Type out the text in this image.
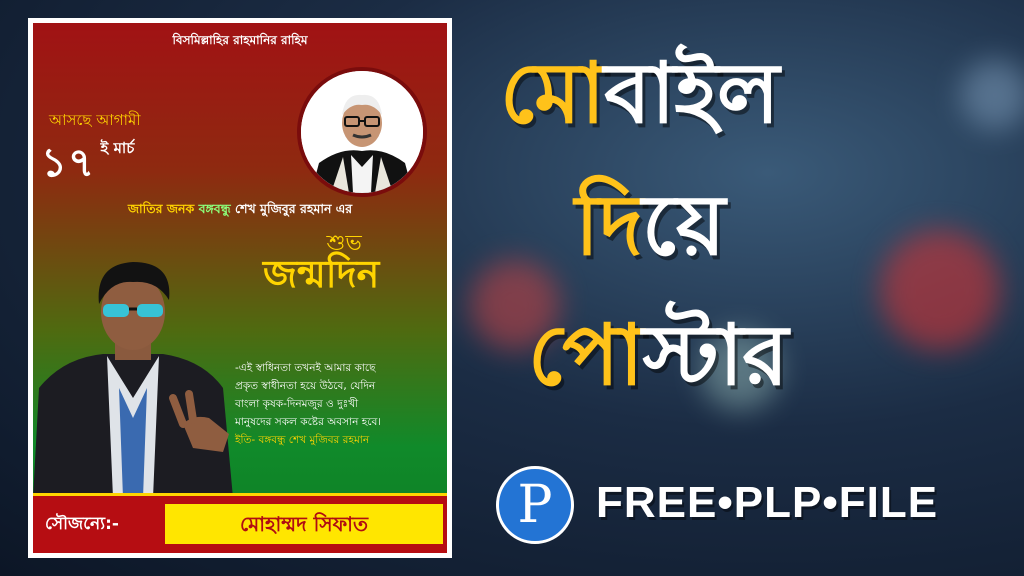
বিসমিল্লাহির রাহমানির রাহিম
আসছে আগামী
১৭ ই মার্চ
জাতির জনক বঙ্গবন্ধু শেখ মুজিবুর রহমান এর
শুভ
জন্মদিন
-এই স্বাধিনতা তখনই আমার কাছে
প্রকৃত স্বাধীনতা হয়ে উঠবে, যেদিন
বাংলা কৃষক-দিনমজুর ও দুঃখী
মানুষদের সকল কষ্টের অবসান হবে।
ইতি- বঙ্গবন্ধু শেখ মুজিবর রহমান
সৌজন্যে:-	মোহাম্মদ সিফাত
মোবাইল
দিয়ে
পোস্টার
P FREE•PLP•FILE
